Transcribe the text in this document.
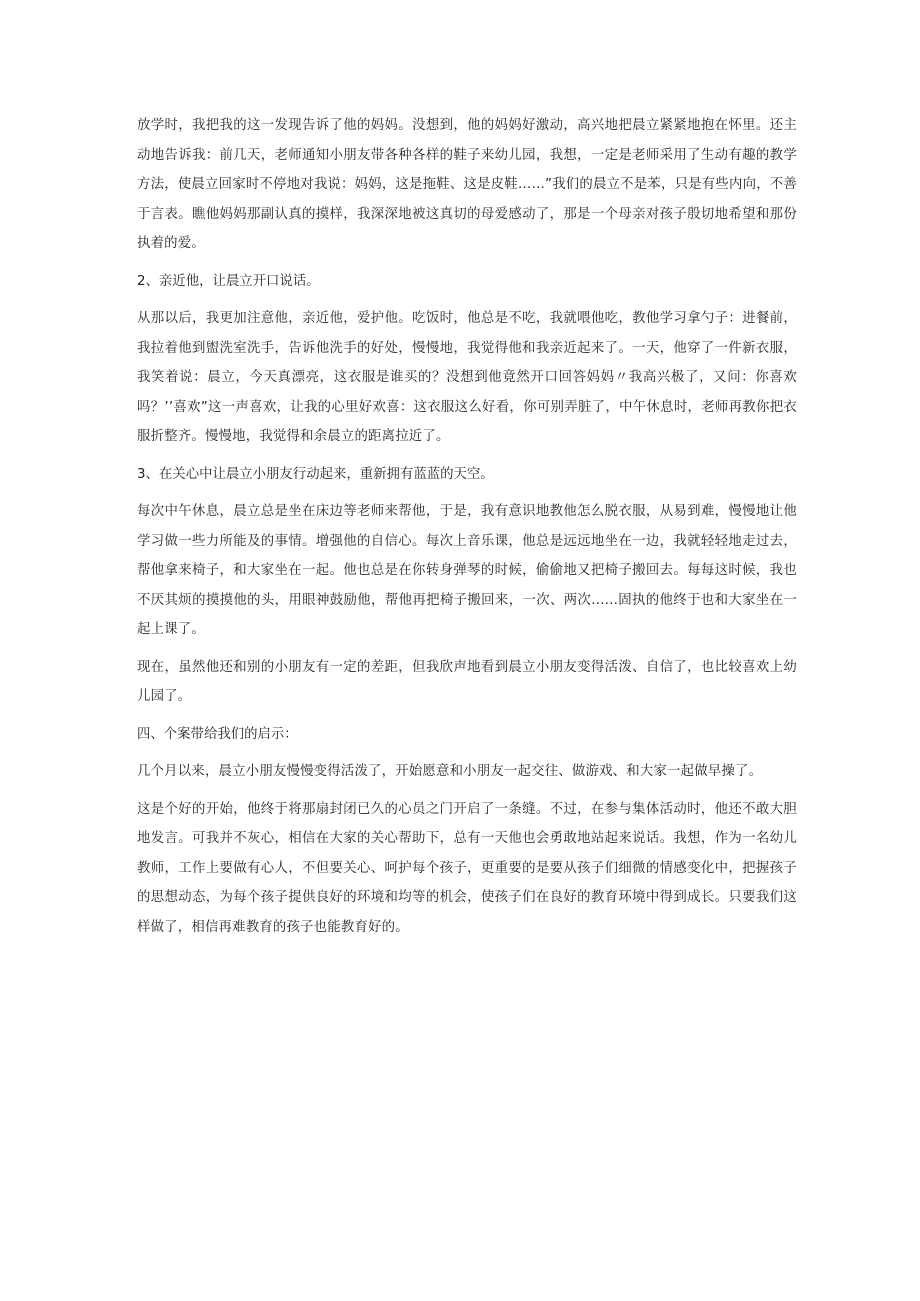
放学时，我把我的这一发现告诉了他的妈妈。没想到，他的妈妈好激动，高兴地把晨立紧紧地抱在怀里。还主动地告诉我：前几天，老师通知小朋友带各种各样的鞋子来幼儿园，我想，一定是老师采用了生动有趣的教学方法，使晨立回家时不停地对我说：妈妈，这是拖鞋、这是皮鞋……”我们的晨立不是苯，只是有些内向，不善于言表。瞧他妈妈那副认真的摸样，我深深地被这真切的母爱感动了，那是一个母亲对孩子殷切地希望和那份执着的爱。

2、亲近他，让晨立开口说话。

从那以后，我更加注意他，亲近他，爱护他。吃饭时，他总是不吃，我就喂他吃，教他学习拿勺子：进餐前，我拉着他到盥洗室洗手，告诉他洗手的好处，慢慢地，我觉得他和我亲近起来了。一天，他穿了一件新衣服，我笑着说：晨立，今天真漂亮，这衣服是谁买的？没想到他竟然开口回答妈妈〃我高兴极了，又问：你喜欢吗？’’喜欢”这一声喜欢，让我的心里好欢喜：这衣服这么好看，你可别弄脏了，中午休息时，老师再教你把衣服折整齐。慢慢地，我觉得和余晨立的距离拉近了。

3、在关心中让晨立小朋友行动起来，重新拥有蓝蓝的天空。

每次中午休息，晨立总是坐在床边等老师来帮他，于是，我有意识地教他怎么脱衣服，从易到难，慢慢地让他学习做一些力所能及的事情。增强他的自信心。每次上音乐课，他总是远远地坐在一边，我就轻轻地走过去，帮他拿来椅子，和大家坐在一起。他也总是在你转身弹琴的时候，偷偷地又把椅子搬回去。每每这时候，我也不厌其烦的摸摸他的头，用眼神鼓励他，帮他再把椅子搬回来，一次、两次......固执的他终于也和大家坐在一起上课了。

现在，虽然他还和别的小朋友有一定的差距，但我欣声地看到晨立小朋友变得活泼、自信了，也比较喜欢上幼儿园了。

四、个案带给我们的启示：

几个月以来，晨立小朋友慢慢变得活泼了，开始愿意和小朋友一起交往、做游戏、和大家一起做早操了。

这是个好的开始，他终于将那扇封闭已久的心员之门开启了一条缝。不过，在参与集体活动时，他还不敢大胆地发言。可我并不灰心，相信在大家的关心帮助下，总有一天他也会勇敢地站起来说话。我想，作为一名幼儿教师，工作上要做有心人，不但要关心、呵护每个孩子，更重要的是要从孩子们细微的情感变化中，把握孩子的思想动态，为每个孩子提供良好的环境和均等的机会，使孩子们在良好的教育环境中得到成长。只要我们这样做了，相信再难教育的孩子也能教育好的。
